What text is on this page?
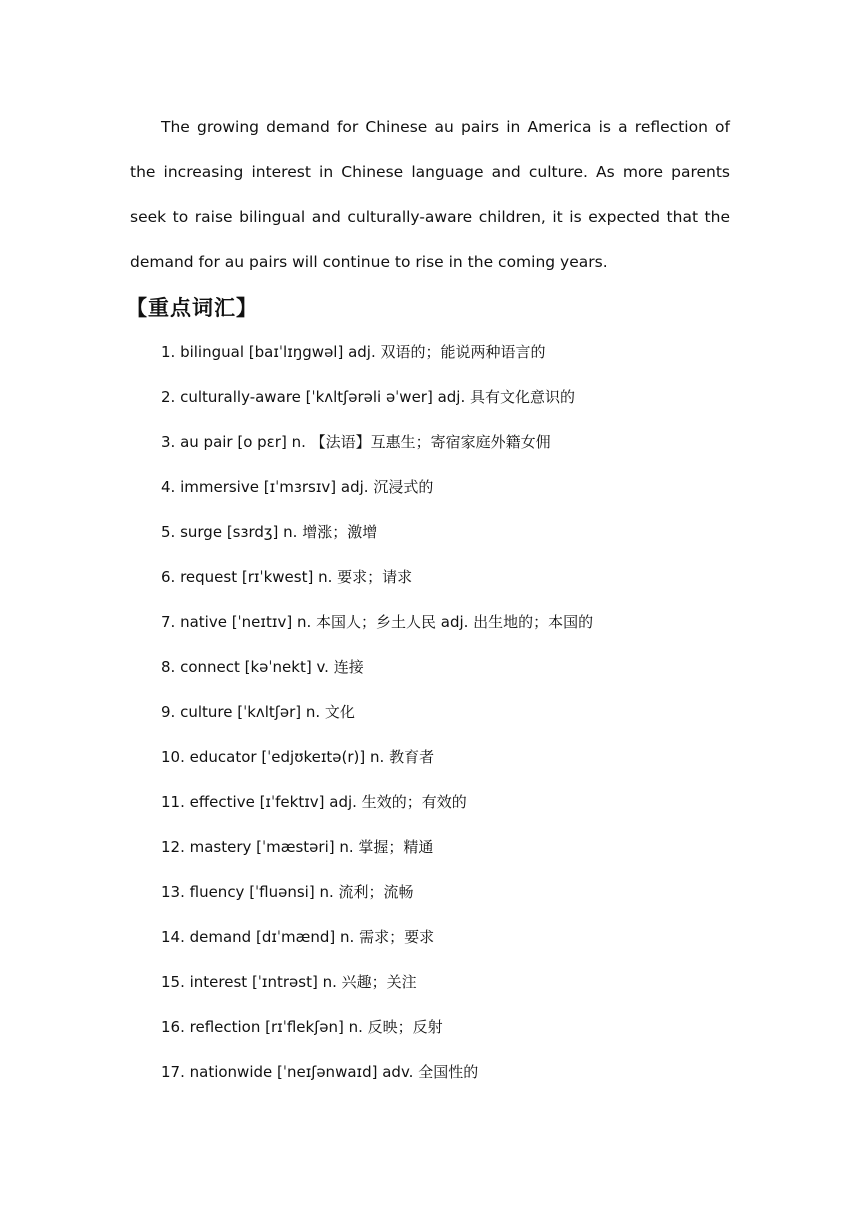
The growing demand for Chinese au pairs in America is a reflection of the increasing interest in Chinese language and culture. As more parents seek to raise bilingual and culturally-aware children, it is expected that the demand for au pairs will continue to rise in the coming years.

【重点词汇】
1. bilingual [baɪˈlɪŋgwəl] adj. 双语的；能说两种语言的
2. culturally-aware [ˈkʌltʃərəli əˈwer] adj. 具有文化意识的
3. au pair [o pɛr] n. 【法语】互惠生；寄宿家庭外籍女佣
4. immersive [ɪˈmɜrsɪv] adj. 沉浸式的
5. surge [sɜrdʒ] n. 增涨；激增
6. request [rɪˈkwest] n. 要求；请求
7. native [ˈneɪtɪv] n. 本国人；乡土人民 adj. 出生地的；本国的
8. connect [kəˈnekt] v. 连接
9. culture [ˈkʌltʃər] n. 文化
10. educator [ˈedjʊkeɪtə(r)] n. 教育者
11. effective [ɪˈfektɪv] adj. 生效的；有效的
12. mastery [ˈmæstəri] n. 掌握；精通
13. fluency [ˈfluənsi] n. 流利；流畅
14. demand [dɪˈmænd] n. 需求；要求
15. interest [ˈɪntrəst] n. 兴趣；关注
16. reflection [rɪˈflekʃən] n. 反映；反射
17. nationwide [ˈneɪʃənwaɪd] adv. 全国性的
